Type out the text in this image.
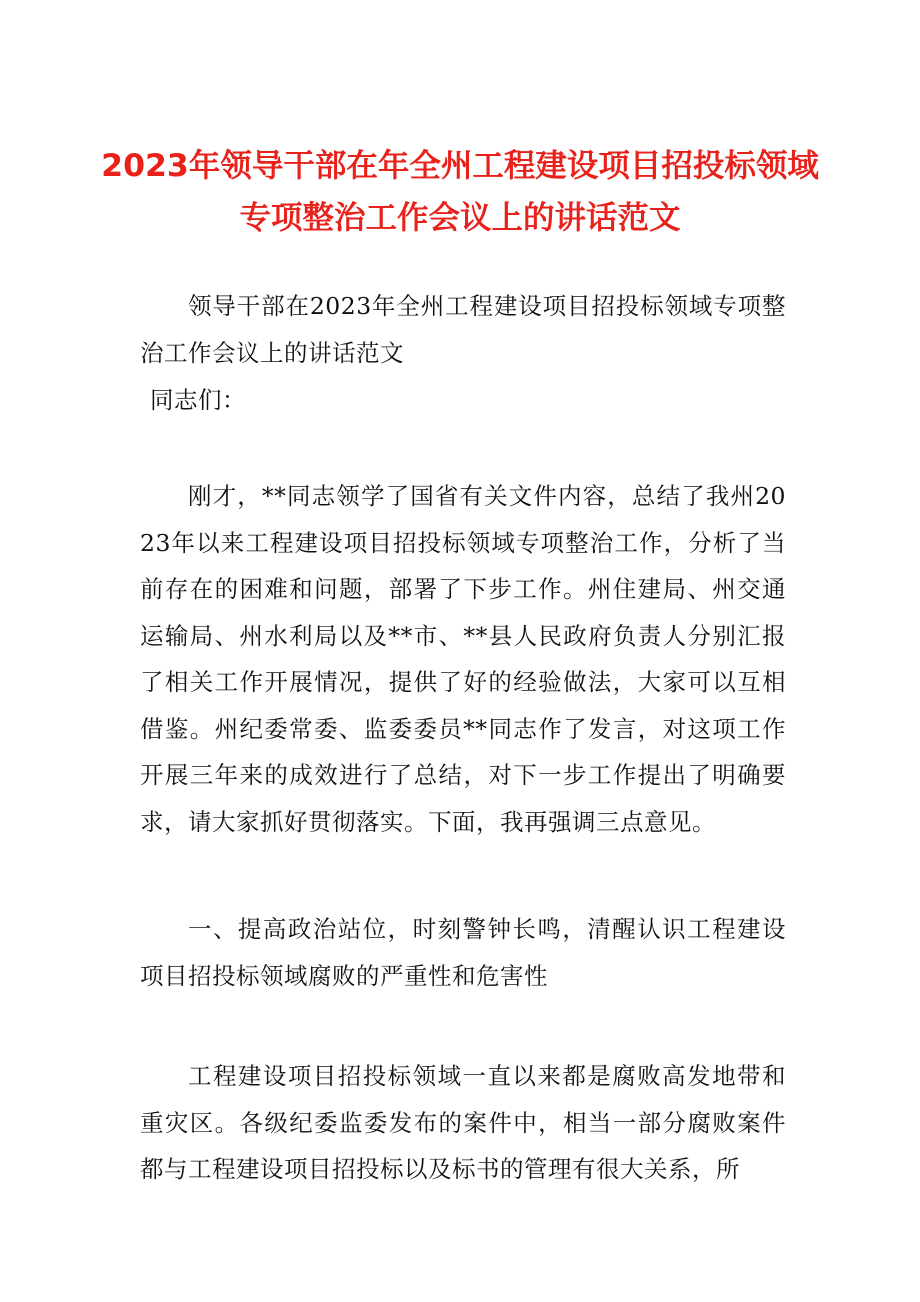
2023年领导干部在年全州工程建设项目招投标领域专项整治工作会议上的讲话范文

领导干部在2023年全州工程建设项目招投标领域专项整治工作会议上的讲话范文

同志们：

刚才，**同志领学了国省有关文件内容，总结了我州2023年以来工程建设项目招投标领域专项整治工作，分析了当前存在的困难和问题，部署了下步工作。州住建局、州交通运输局、州水利局以及**市、**县人民政府负责人分别汇报了相关工作开展情况，提供了好的经验做法，大家可以互相借鉴。州纪委常委、监委委员**同志作了发言，对这项工作开展三年来的成效进行了总结，对下一步工作提出了明确要求，请大家抓好贯彻落实。下面，我再强调三点意见。

一、提高政治站位，时刻警钟长鸣，清醒认识工程建设项目招投标领域腐败的严重性和危害性

工程建设项目招投标领域一直以来都是腐败高发地带和重灾区。各级纪委监委发布的案件中，相当一部分腐败案件都与工程建设项目招投标以及标书的管理有很大关系，所
